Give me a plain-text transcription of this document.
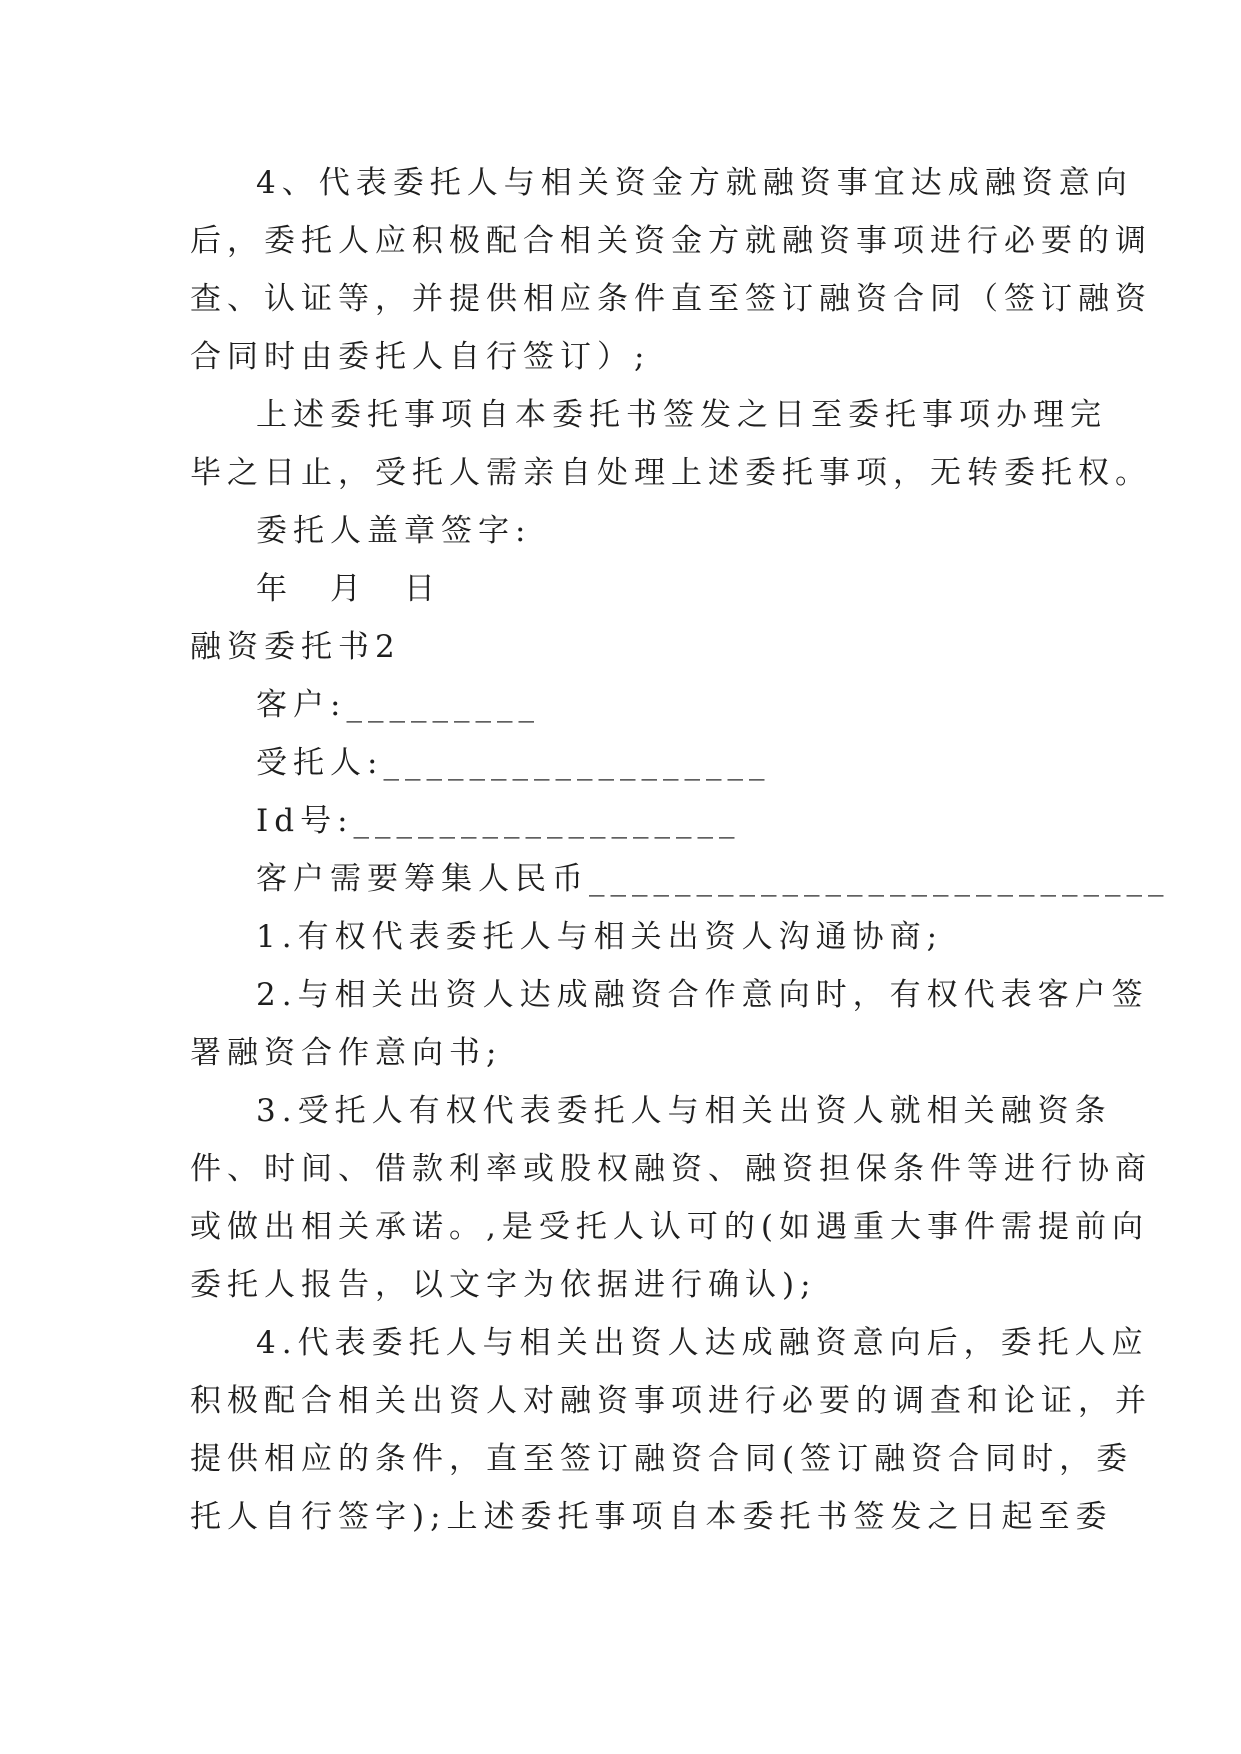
4、代表委托人与相关资金方就融资事宜达成融资意向
后，委托人应积极配合相关资金方就融资事项进行必要的调
查、认证等，并提供相应条件直至签订融资合同（签订融资
合同时由委托人自行签订）;
上述委托事项自本委托书签发之日至委托事项办理完
毕之日止，受托人需亲自处理上述委托事项，无转委托权。
委托人盖章签字:
年　月　日
融资委托书2
客户:_________
受托人:__________________
Id号:__________________
客户需要筹集人民币___________________________
1.有权代表委托人与相关出资人沟通协商;
2.与相关出资人达成融资合作意向时，有权代表客户签
署融资合作意向书;
3.受托人有权代表委托人与相关出资人就相关融资条
件、时间、借款利率或股权融资、融资担保条件等进行协商
或做出相关承诺。,是受托人认可的(如遇重大事件需提前向
委托人报告，以文字为依据进行确认);
4.代表委托人与相关出资人达成融资意向后，委托人应
积极配合相关出资人对融资事项进行必要的调查和论证，并
提供相应的条件，直至签订融资合同(签订融资合同时，委
托人自行签字);上述委托事项自本委托书签发之日起至委
